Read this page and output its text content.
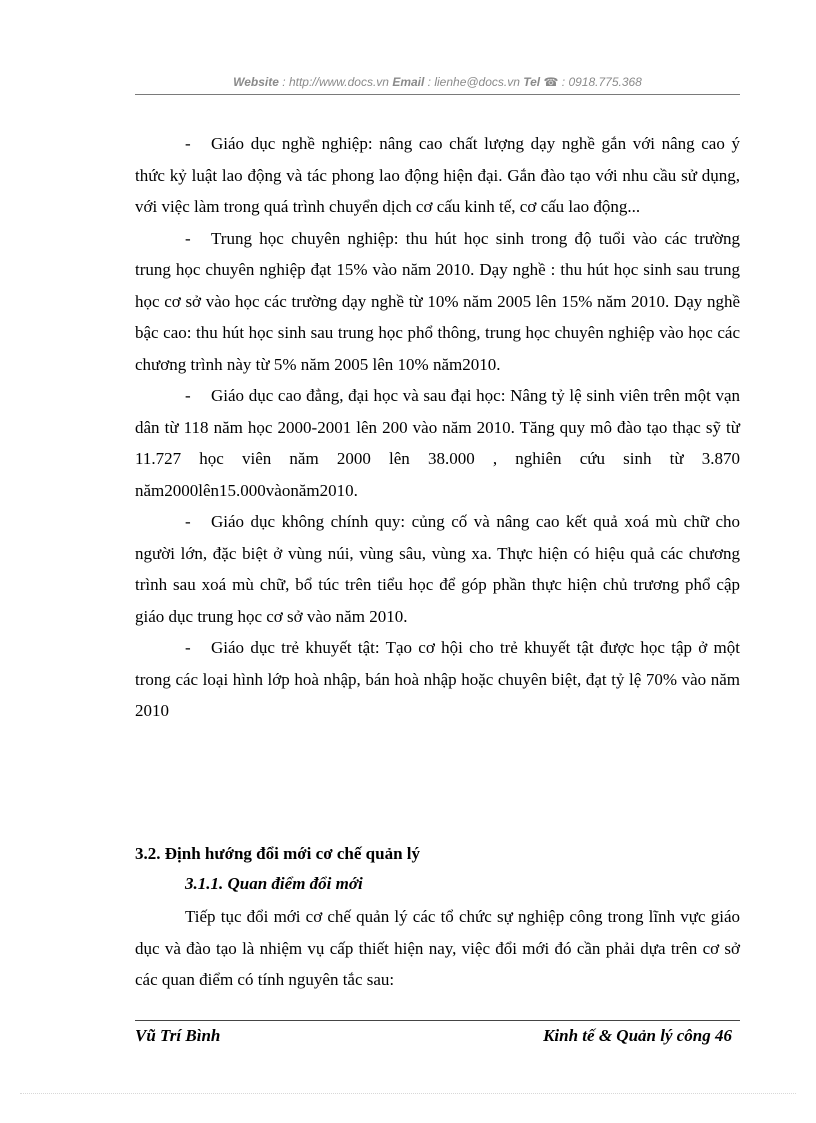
Website : http://www.docs.vn Email : lienhe@docs.vn Tel ☎ : 0918.775.368

- Giáo dục nghề nghiệp: nâng cao chất lượng dạy nghề gắn với nâng cao ý thức kỷ luật lao động và tác phong lao động hiện đại. Gắn đào tạo với nhu cầu sử dụng, với việc làm trong quá trình chuyển dịch cơ cấu kinh tế, cơ cấu lao động...

- Trung học chuyên nghiệp: thu hút học sinh trong độ tuổi vào các trường trung học chuyên nghiệp đạt 15% vào năm 2010. Dạy nghề : thu hút học sinh sau trung học cơ sở vào học các trường dạy nghề từ 10% năm 2005 lên 15% năm 2010. Dạy nghề bậc cao: thu hút học sinh sau trung học phổ thông, trung học chuyên nghiệp vào học các chương trình này từ 5% năm 2005 lên 10% năm2010.

- Giáo dục cao đẳng, đại học và sau đại học: Nâng tỷ lệ sinh viên trên một vạn dân từ 118 năm học 2000-2001 lên 200 vào năm 2010. Tăng quy mô đào tạo thạc sỹ từ 11.727 học viên năm 2000 lên 38.000 , nghiên cứu sinh từ 3.870 năm2000lên15.000vàonăm2010.

- Giáo dục không chính quy: củng cố và nâng cao kết quả xoá mù chữ cho người lớn, đặc biệt ở vùng núi, vùng sâu, vùng xa. Thực hiện có hiệu quả các chương trình sau xoá mù chữ, bổ túc trên tiểu học để góp phần thực hiện chủ trương phổ cập giáo dục trung học cơ sở vào năm 2010.

- Giáo dục trẻ khuyết tật: Tạo cơ hội cho trẻ khuyết tật được học tập ở một trong các loại hình lớp hoà nhập, bán hoà nhập hoặc chuyên biệt, đạt tỷ lệ 70% vào năm 2010

3.2. Định hướng đổi mới cơ chế quản lý
3.1.1. Quan điểm đổi mới

Tiếp tục đổi mới cơ chế quản lý các tổ chức sự nghiệp công trong lĩnh vực giáo dục và đào tạo là nhiệm vụ cấp thiết hiện nay, việc đổi mới đó cần phải dựa trên cơ sở các quan điểm có tính nguyên tắc sau:

Vũ Trí Bình	Kinh tế & Quản lý công 46
